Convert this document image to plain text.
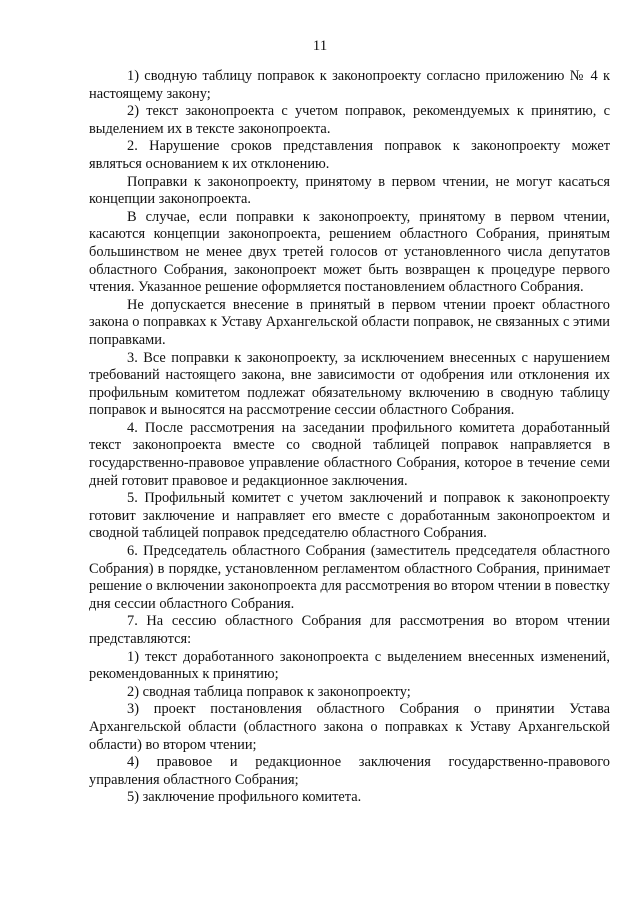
11

1) сводную таблицу поправок к законопроекту согласно приложению № 4 к настоящему закону;

2) текст законопроекта с учетом поправок, рекомендуемых к принятию, с выделением их в тексте законопроекта.

2. Нарушение сроков представления поправок к законопроекту может являться основанием к их отклонению.

Поправки к законопроекту, принятому в первом чтении, не могут касаться концепции законопроекта.

В случае, если поправки к законопроекту, принятому в первом чтении, касаются концепции законопроекта, решением областного Собрания, принятым большинством не менее двух третей голосов от установленного числа депутатов областного Собрания, законопроект может быть возвращен к процедуре первого чтения. Указанное решение оформляется постановлением областного Собрания.

Не допускается внесение в принятый в первом чтении проект областного закона о поправках к Уставу Архангельской области поправок, не связанных с этими поправками.

3. Все поправки к законопроекту, за исключением внесенных с нарушением требований настоящего закона, вне зависимости от одобрения или отклонения их профильным комитетом подлежат обязательному включению в сводную таблицу поправок и выносятся на рассмотрение сессии областного Собрания.

4. После рассмотрения на заседании профильного комитета доработанный текст законопроекта вместе со сводной таблицей поправок направляется в государственно-правовое управление областного Собрания, которое в течение семи дней готовит правовое и редакционное заключения.

5. Профильный комитет с учетом заключений и поправок к законопроекту готовит заключение и направляет его вместе с доработанным законопроектом и сводной таблицей поправок председателю областного Собрания.

6. Председатель областного Собрания (заместитель председателя областного Собрания) в порядке, установленном регламентом областного Собрания, принимает решение о включении законопроекта для рассмотрения во втором чтении в повестку дня сессии областного Собрания.

7. На сессию областного Собрания для рассмотрения во втором чтении представляются:

1) текст доработанного законопроекта с выделением внесенных изменений, рекомендованных к принятию;

2) сводная таблица поправок к законопроекту;

3) проект постановления областного Собрания о принятии Устава Архангельской области (областного закона о поправках к Уставу Архангельской области) во втором чтении;

4) правовое и редакционное заключения государственно-правового управления областного Собрания;

5) заключение профильного комитета.
